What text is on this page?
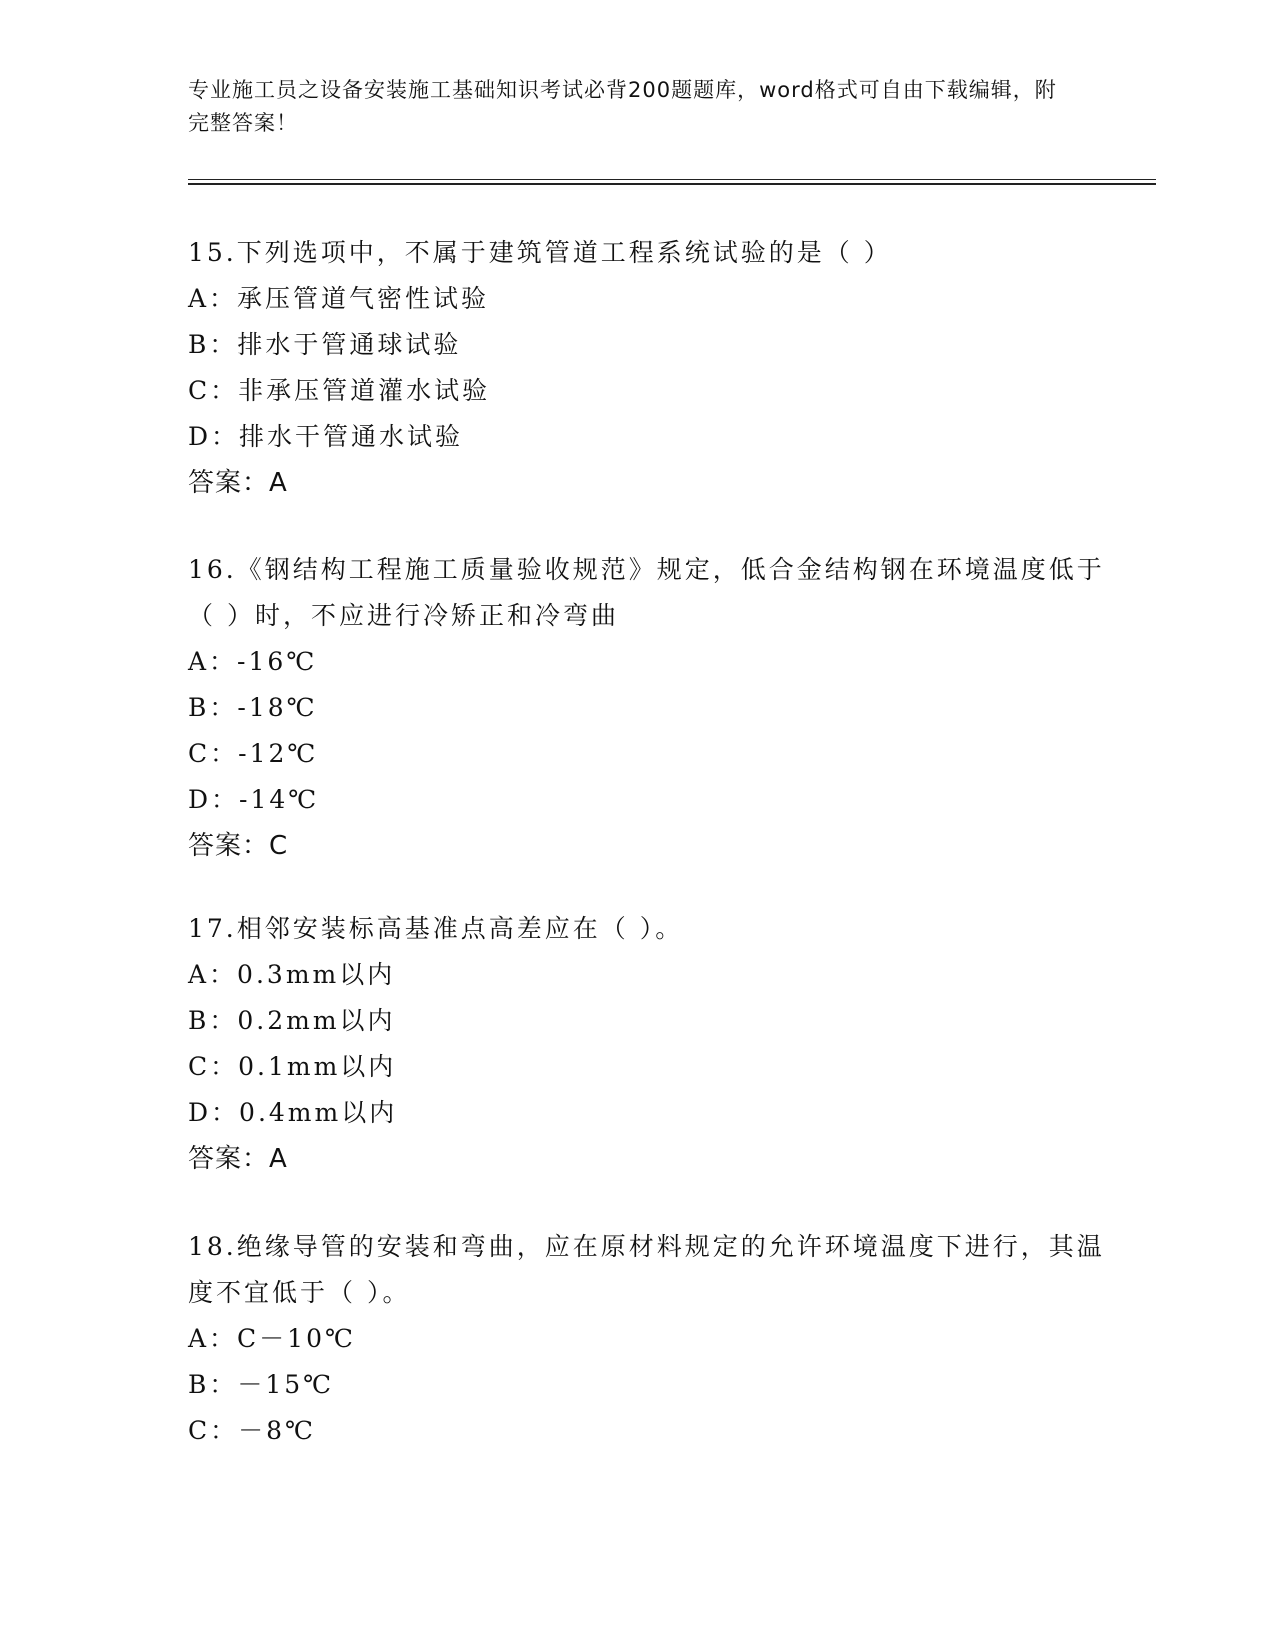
专业施工员之设备安装施工基础知识考试必背200题题库，word格式可自由下载编辑，附完整答案！
15.下列选项中，不属于建筑管道工程系统试验的是（ ）
A：承压管道气密性试验
B：排水于管通球试验
C：非承压管道灌水试验
D：排水干管通水试验
答案：A
16.《钢结构工程施工质量验收规范》规定，低合金结构钢在环境温度低于（ ）时，不应进行冷矫正和冷弯曲
A：-16℃
B：-18℃
C：-12℃
D：-14℃
答案：C
17.相邻安装标高基准点高差应在（ ）。
A：0.3mm以内
B：0.2mm以内
C：0.1mm以内
D：0.4mm以内
答案：A
18.绝缘导管的安装和弯曲，应在原材料规定的允许环境温度下进行，其温度不宜低于（ ）。
A：C－10℃
B：－15℃
C：－8℃
